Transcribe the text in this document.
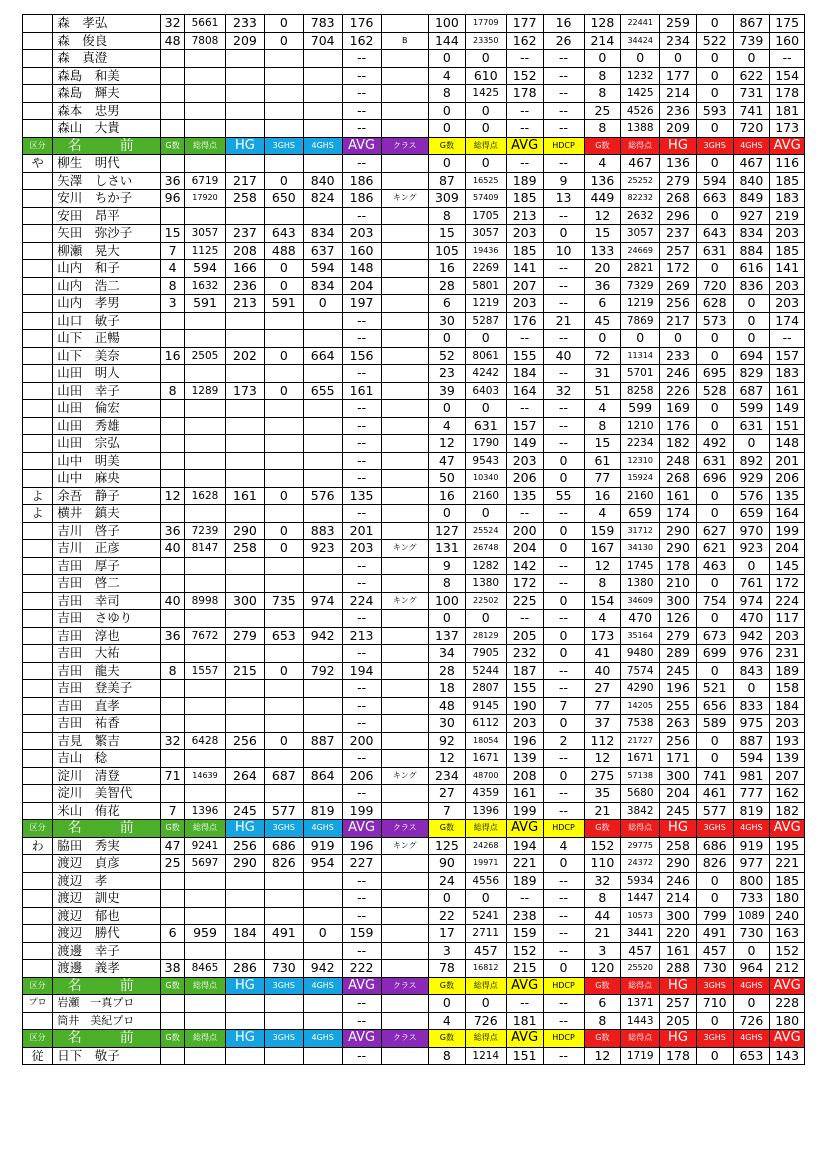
	森　孝弘	32	5661	233	0	783	176		100	17709	177	16	128	22441	259	0	867	175
	森　俊良	48	7808	209	0	704	162	B	144	23350	162	26	214	34424	234	522	739	160
	森　真澄						--		0	0	--	--	0	0	0	0	0	--
	森島　和美						--		4	610	152	--	8	1232	177	0	622	154
	森島　輝夫						--		8	1425	178	--	8	1425	214	0	731	178
	森本　忠男						--		0	0	--	--	25	4526	236	593	741	181
	森山　大貴						--		0	0	--	--	8	1388	209	0	720	173
区分	名　前	G数	総得点	HG	3GHS	4GHS	AVG	クラス	G数	総得点	AVG	HDCP	G数	総得点	HG	3GHS	4GHS	AVG
や	柳生　明代						--		0	0	--	--	4	467	136	0	467	116
	矢澤　しさい	36	6719	217	0	840	186		87	16525	189	9	136	25252	279	594	840	185
	安川　ちか子	96	17920	258	650	824	186	キング	309	57409	185	13	449	82232	268	663	849	183
	安田　昂平						--		8	1705	213	--	12	2632	296	0	927	219
	矢田　弥沙子	15	3057	237	643	834	203		15	3057	203	0	15	3057	237	643	834	203
	柳瀬　晃大	7	1125	208	488	637	160		105	19436	185	10	133	24669	257	631	884	185
	山内　和子	4	594	166	0	594	148		16	2269	141	--	20	2821	172	0	616	141
	山内　浩二	8	1632	236	0	834	204		28	5801	207	--	36	7329	269	720	836	203
	山内　孝男	3	591	213	591	0	197		6	1219	203	--	6	1219	256	628	0	203
	山口　敏子						--		30	5287	176	21	45	7869	217	573	0	174
	山下　正暢						--		0	0	--	--	0	0	0	0	0	--
	山下　美奈	16	2505	202	0	664	156		52	8061	155	40	72	11314	233	0	694	157
	山田　明人						--		23	4242	184	--	31	5701	246	695	829	183
	山田　幸子	8	1289	173	0	655	161		39	6403	164	32	51	8258	226	528	687	161
	山田　倫宏						--		0	0	--	--	4	599	169	0	599	149
	山田　秀雄						--		4	631	157	--	8	1210	176	0	631	151
	山田　宗弘						--		12	1790	149	--	15	2234	182	492	0	148
	山中　明美						--		47	9543	203	0	61	12310	248	631	892	201
	山中　麻央						--		50	10340	206	0	77	15924	268	696	929	206
よ	余吾　静子	12	1628	161	0	576	135		16	2160	135	55	16	2160	161	0	576	135
よ	横井　鎮夫						--		0	0	--	--	4	659	174	0	659	164
	吉川　啓子	36	7239	290	0	883	201		127	25524	200	0	159	31712	290	627	970	199
	吉川　正彦	40	8147	258	0	923	203	キング	131	26748	204	0	167	34130	290	621	923	204
	吉田　厚子						--		9	1282	142	--	12	1745	178	463	0	145
	吉田　啓二						--		8	1380	172	--	8	1380	210	0	761	172
	吉田　幸司	40	8998	300	735	974	224	キング	100	22502	225	0	154	34609	300	754	974	224
	吉田　さゆり						--		0	0	--	--	4	470	126	0	470	117
	吉田　淳也	36	7672	279	653	942	213		137	28129	205	0	173	35164	279	673	942	203
	吉田　大祐						--		34	7905	232	0	41	9480	289	699	976	231
	吉田　龍夫	8	1557	215	0	792	194		28	5244	187	--	40	7574	245	0	843	189
	吉田　登美子						--		18	2807	155	--	27	4290	196	521	0	158
	吉田　直孝						--		48	9145	190	7	77	14205	255	656	833	184
	吉田　祐香						--		30	6112	203	0	37	7538	263	589	975	203
	吉見　繁吉	32	6428	256	0	887	200		92	18054	196	2	112	21727	256	0	887	193
	吉山　稔						--		12	1671	139	--	12	1671	171	0	594	139
	淀川　清登	71	14639	264	687	864	206	キング	234	48700	208	0	275	57138	300	741	981	207
	淀川　美智代						--		27	4359	161	--	35	5680	204	461	777	162
	米山　侑花	7	1396	245	577	819	199		7	1396	199	--	21	3842	245	577	819	182
区分	名　前	G数	総得点	HG	3GHS	4GHS	AVG	クラス	G数	総得点	AVG	HDCP	G数	総得点	HG	3GHS	4GHS	AVG
わ	脇田　秀実	47	9241	256	686	919	196	キング	125	24268	194	4	152	29775	258	686	919	195
	渡辺　貞彦	25	5697	290	826	954	227		90	19971	221	0	110	24372	290	826	977	221
	渡辺　孝						--		24	4556	189	--	32	5934	246	0	800	185
	渡辺　訓史						--		0	0	--	--	8	1447	214	0	733	180
	渡辺　郁也						--		22	5241	238	--	44	10573	300	799	1089	240
	渡辺　勝代	6	959	184	491	0	159		17	2711	159	--	21	3441	220	491	730	163
	渡邊　幸子						--		3	457	152	--	3	457	161	457	0	152
	渡邊　義孝	38	8465	286	730	942	222		78	16812	215	0	120	25520	288	730	964	212
区分	名　前	G数	総得点	HG	3GHS	4GHS	AVG	クラス	G数	総得点	AVG	HDCP	G数	総得点	HG	3GHS	4GHS	AVG
プロ	岩瀬　一真プロ						--		0	0	--	--	6	1371	257	710	0	228
	筒井　美紀プロ						--		4	726	181	--	8	1443	205	0	726	180
区分	名　前	G数	総得点	HG	3GHS	4GHS	AVG	クラス	G数	総得点	AVG	HDCP	G数	総得点	HG	3GHS	4GHS	AVG
従	日下　敬子						--		8	1214	151	--	12	1719	178	0	653	143
